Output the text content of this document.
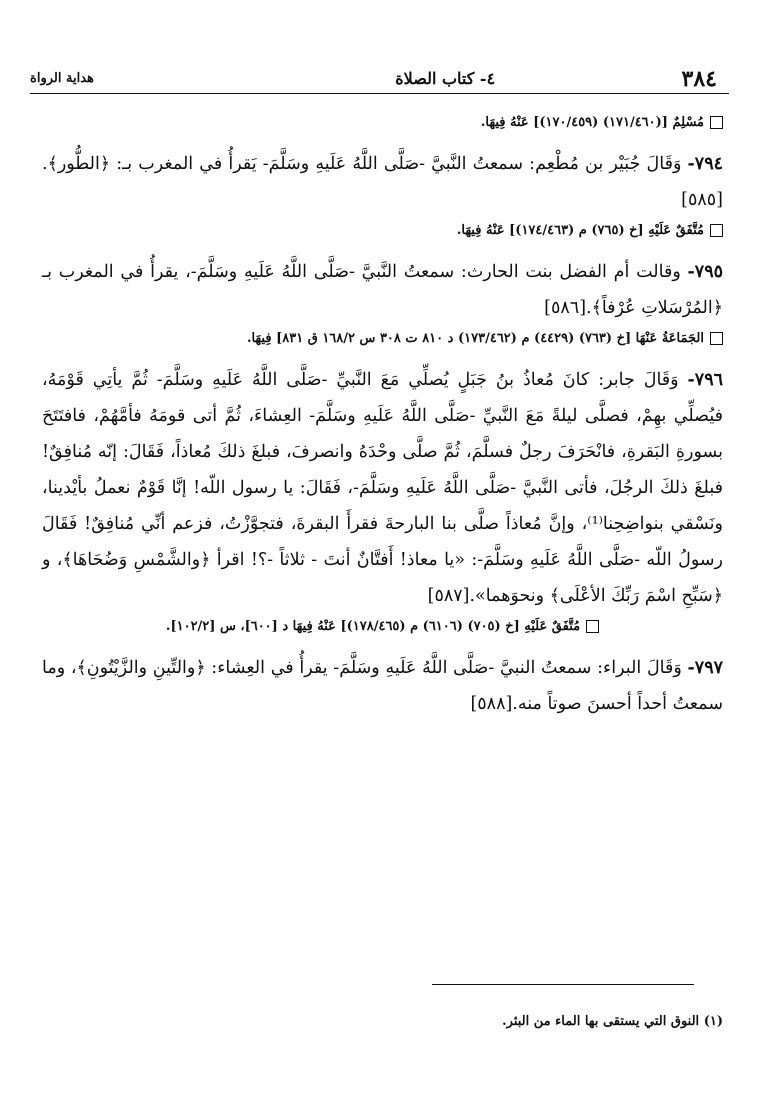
٣٨٤
٤- كتاب الصلاة
هداية الرواة

مُسْلِمٌ [(١٧١/٤٦٠) (١٧٠/٤٥٩)] عَنْهُ فِيهَا.

٧٩٤- وَقَالَ جُبَيْر بن مُطْعِم: سمعتُ النَّبيَّ -صَلَّى اللَّهُ عَلَيهِ وسَلَّمَ- يَقرأُ في المغرب بـ: ﴿الطُّور﴾.[٥٨٥]

مُتَّفَقٌ عَلَيْهِ [خ (٧٦٥) م (١٧٤/٤٦٣)] عَنْهُ فِيهَا.

٧٩٥- وقالت أم الفضل بنت الحارث: سمعتُ النَّبيَّ -صَلَّى اللَّهُ عَلَيهِ وسَلَّمَ-، يقرأُ في المغرب بـ ﴿المُرْسَلاتِ عُرْفاً﴾.[٥٨٦]

الجَمَاعَةُ عَنْهَا [خ (٧٦٣) (٤٤٢٩) م (١٧٣/٤٦٢) د ٨١٠ ت ٣٠٨ س ١٦٨/٢ ق ٨٣١] فِيهَا.

٧٩٦- وَقَالَ جابر: كانَ مُعاذُ بنُ جَبَلٍ يُصلِّي مَعَ النَّبيِّ -صَلَّى اللَّهُ عَلَيهِ وسَلَّمَ- ثُمَّ يأتِي قَوْمَهُ، فيُصلِّي بهِمْ، فصلَّى ليلةً مَعَ النَّبيِّ -صَلَّى اللَّهُ عَلَيهِ وسَلَّمَ- العِشاءَ، ثُمَّ أتى قومَهُ فأمَّهُمْ، فافتَتَحَ بسورةِ البَقرةِ، فانْحَرَفَ رجلٌ فسلَّمَ، ثُمَّ صلَّى وحْدَهُ وانصرفَ، فبلغَ ذلكَ مُعاذاً، فَقَالَ: إنّه مُنافِقٌ! فبلغَ ذلكَ الرجُلَ، فأتى النَّبيَّ -صَلَّى اللَّهُ عَلَيهِ وسَلَّمَ-، فَقَالَ: يا رسول اللّه! إنَّا قَوْمٌ نعملُ بأيْدينا، ونَسْقي بنواضِحِنا⁽¹⁾، وإنَّ مُعاذاً صلَّى بنا البارحةَ فقرأَ البقرةَ، فتجوَّزْتُ، فزعم أنِّي مُنافِقٌ! فَقَالَ رسولُ اللّه -صَلَّى اللَّهُ عَلَيهِ وسَلَّمَ-: «يا معاذ! أَفتَّانٌ أنتَ - ثلاثاً -؟! اقرأ ﴿والشَّمْسِ وَضُحَاهَا﴾، و ﴿سَبِّحِ اسْمَ رَبِّكَ الأعْلَى﴾ ونحوَهما».[٥٨٧]

مُتَّفَقٌ عَلَيْهِ [خ (٧٠٥) (٦١٠٦) م (١٧٨/٤٦٥)] عَنْهُ فِيهَا د [٦٠٠]، س [١٠٢/٢].

٧٩٧- وَقَالَ البراء: سمعتُ النبيَّ -صَلَّى اللَّهُ عَلَيهِ وسَلَّمَ- يقرأُ في العِشاء: ﴿والتِّينِ والزَّيْتُونِ﴾، وما سمعتُ أحداً أحسنَ صوتاً منه.[٥٨٨]

(١) النوق التي يستقى بها الماء من البئر.
